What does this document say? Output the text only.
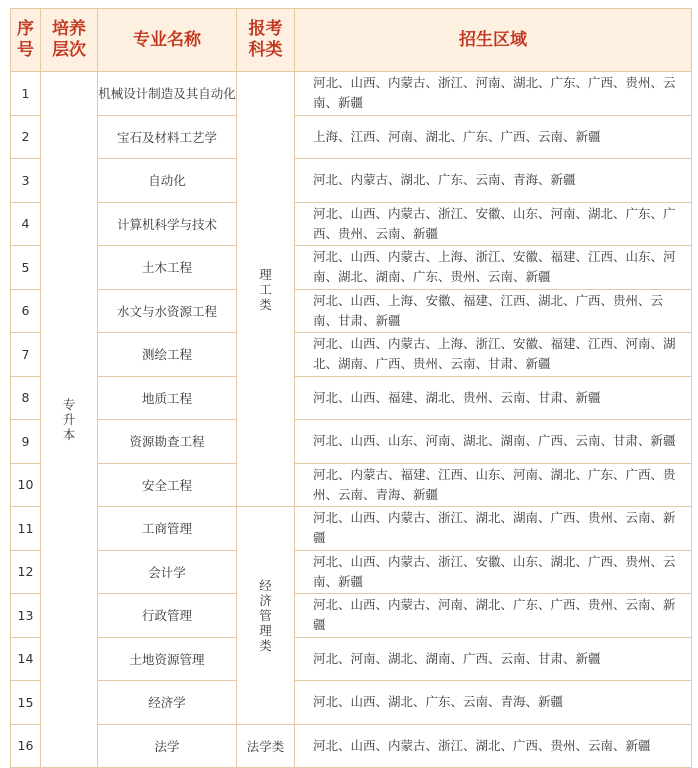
序号	培养层次	专业名称	报考科类	招生区域
1	专升本	机械设计制造及其自动化	理工类	河北、山西、内蒙古、浙江、河南、湖北、广东、广西、贵州、云南、新疆
2		宝石及材料工艺学		上海、江西、河南、湖北、广东、广西、云南、新疆
3		自动化		河北、内蒙古、湖北、广东、云南、青海、新疆
4		计算机科学与技术		河北、山西、内蒙古、浙江、安徽、山东、河南、湖北、广东、广西、贵州、云南、新疆
5		土木工程		河北、山西、内蒙古、上海、浙江、安徽、福建、江西、山东、河南、湖北、湖南、广东、贵州、云南、新疆
6		水文与水资源工程		河北、山西、上海、安徽、福建、江西、湖北、广西、贵州、云南、甘肃、新疆
7		测绘工程		河北、山西、内蒙古、上海、浙江、安徽、福建、江西、河南、湖北、湖南、广西、贵州、云南、甘肃、新疆
8		地质工程		河北、山西、福建、湖北、贵州、云南、甘肃、新疆
9		资源勘查工程		河北、山西、山东、河南、湖北、湖南、广西、云南、甘肃、新疆
10		安全工程		河北、内蒙古、福建、江西、山东、河南、湖北、广东、广西、贵州、云南、青海、新疆
11		工商管理	经济管理类	河北、山西、内蒙古、浙江、湖北、湖南、广西、贵州、云南、新疆
12		会计学		河北、山西、内蒙古、浙江、安徽、山东、湖北、广西、贵州、云南、新疆
13		行政管理		河北、山西、内蒙古、河南、湖北、广东、广西、贵州、云南、新疆
14		土地资源管理		河北、河南、湖北、湖南、广西、云南、甘肃、新疆
15		经济学		河北、山西、湖北、广东、云南、青海、新疆
16		法学	法学类	河北、山西、内蒙古、浙江、湖北、广西、贵州、云南、新疆
